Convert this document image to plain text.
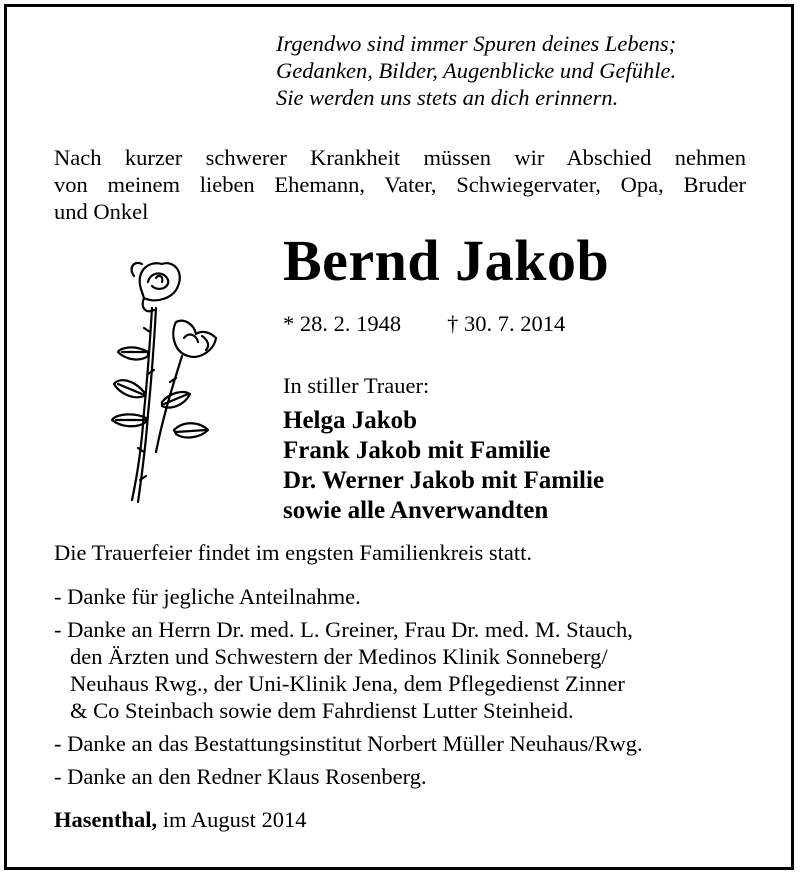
Irgendwo sind immer Spuren deines Lebens;
Gedanken, Bilder, Augenblicke und Gefühle.
Sie werden uns stets an dich erinnern.
Nach kurzer schwerer Krankheit müssen wir Abschied nehmen
von meinem lieben Ehemann, Vater, Schwiegervater, Opa, Bruder
und Onkel
Bernd Jakob
* 28. 2. 1948 † 30. 7. 2014
In stiller Trauer:
Helga Jakob
Frank Jakob mit Familie
Dr. Werner Jakob mit Familie
sowie alle Anverwandten
Die Trauerfeier findet im engsten Familienkreis statt.
- Danke für jegliche Anteilnahme.
- Danke an Herrn Dr. med. L. Greiner, Frau Dr. med. M. Stauch,
den Ärzten und Schwestern der Medinos Klinik Sonneberg/
Neuhaus Rwg., der Uni-Klinik Jena, dem Pflegedienst Zinner
& Co Steinbach sowie dem Fahrdienst Lutter Steinheid.
- Danke an das Bestattungsinstitut Norbert Müller Neuhaus/Rwg.
- Danke an den Redner Klaus Rosenberg.
Hasenthal, im August 2014
